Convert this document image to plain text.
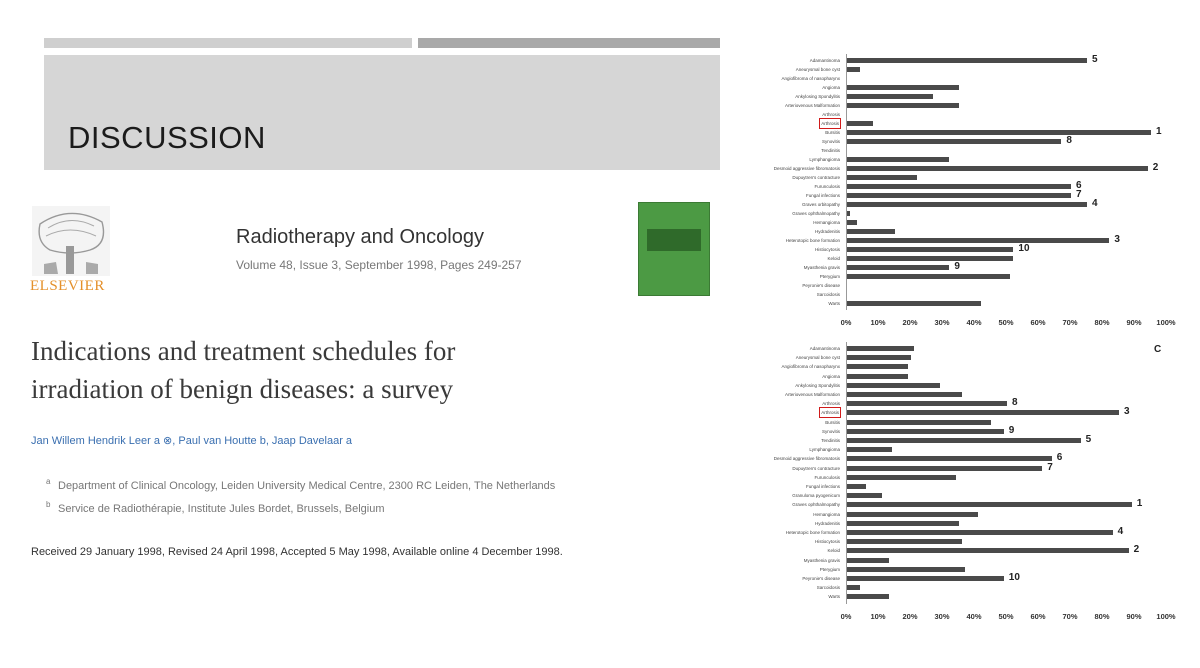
DISCUSSION
ELSEVIER
Radiotherapy and Oncology
Volume 48, Issue 3, September 1998, Pages 249-257
Indications and treatment schedules for
irradiation of benign diseases: a survey
Jan Willem Hendrik Leer a ⊗, Paul van Houtte b, Jaap Davelaar a
a Department of Clinical Oncology, Leiden University Medical Centre, 2300 RC Leiden, The Netherlands
b Service de Radiothérapie, Institute Jules Bordet, Brussels, Belgium
Received 29 January 1998, Revised 24 April 1998, Accepted 5 May 1998, Available online 4 December 1998.
Adamantinoma	5
Aneurysmal bone cyst
Angiofibroma of nasopharynx
Angioma
Ankylosing Spondylitis
Arteriovenous Malformation
Arthrosis
Arthrosis
Bursitis	1
Synovitis	8
Tendinitis
Lymphangioma
Desmoid aggressive fibromatosis	2
Dupuytren's contracture
Furunculosis	6
Fungal infections	7
Graves orbitopathy	4
Graves ophthalmopathy
Hemangioma
Hydradenitis
Heterotopic bone formation	3
Histiocytosis	10
Keloid
Myasthenia gravis	9
Pterygium
Peyronie's disease
Sarcoidosis
Warts
0%	10% 20% 30% 40% 50% 60% 70% 80% 90% 100%
C
Adamantinoma
Aneurysmal bone cyst
Angiofibroma of nasopharynx
Angioma
Ankylosing Spondylitis
Arteriovenous Malformation
Arthrosis	8
Arthrosis	3
Bursitis
Synovitis	9
Tendinitis	5
Lymphangioma
Desmoid aggressive fibromatosis	6
Dupuytren's contracture	7
Furunculosis
Fungal infections
Granuloma pyogenicum
Graves ophthalmopathy	1
Hemangioma
Hydradenitis
Heterotopic bone formation	4
Histiocytosis
Keloid	2
Myasthenia gravis
Pterygium
Peyronie's disease	10
Sarcoidosis
Warts
0%	10% 20% 30% 40% 50% 60% 70% 80% 90% 100%
